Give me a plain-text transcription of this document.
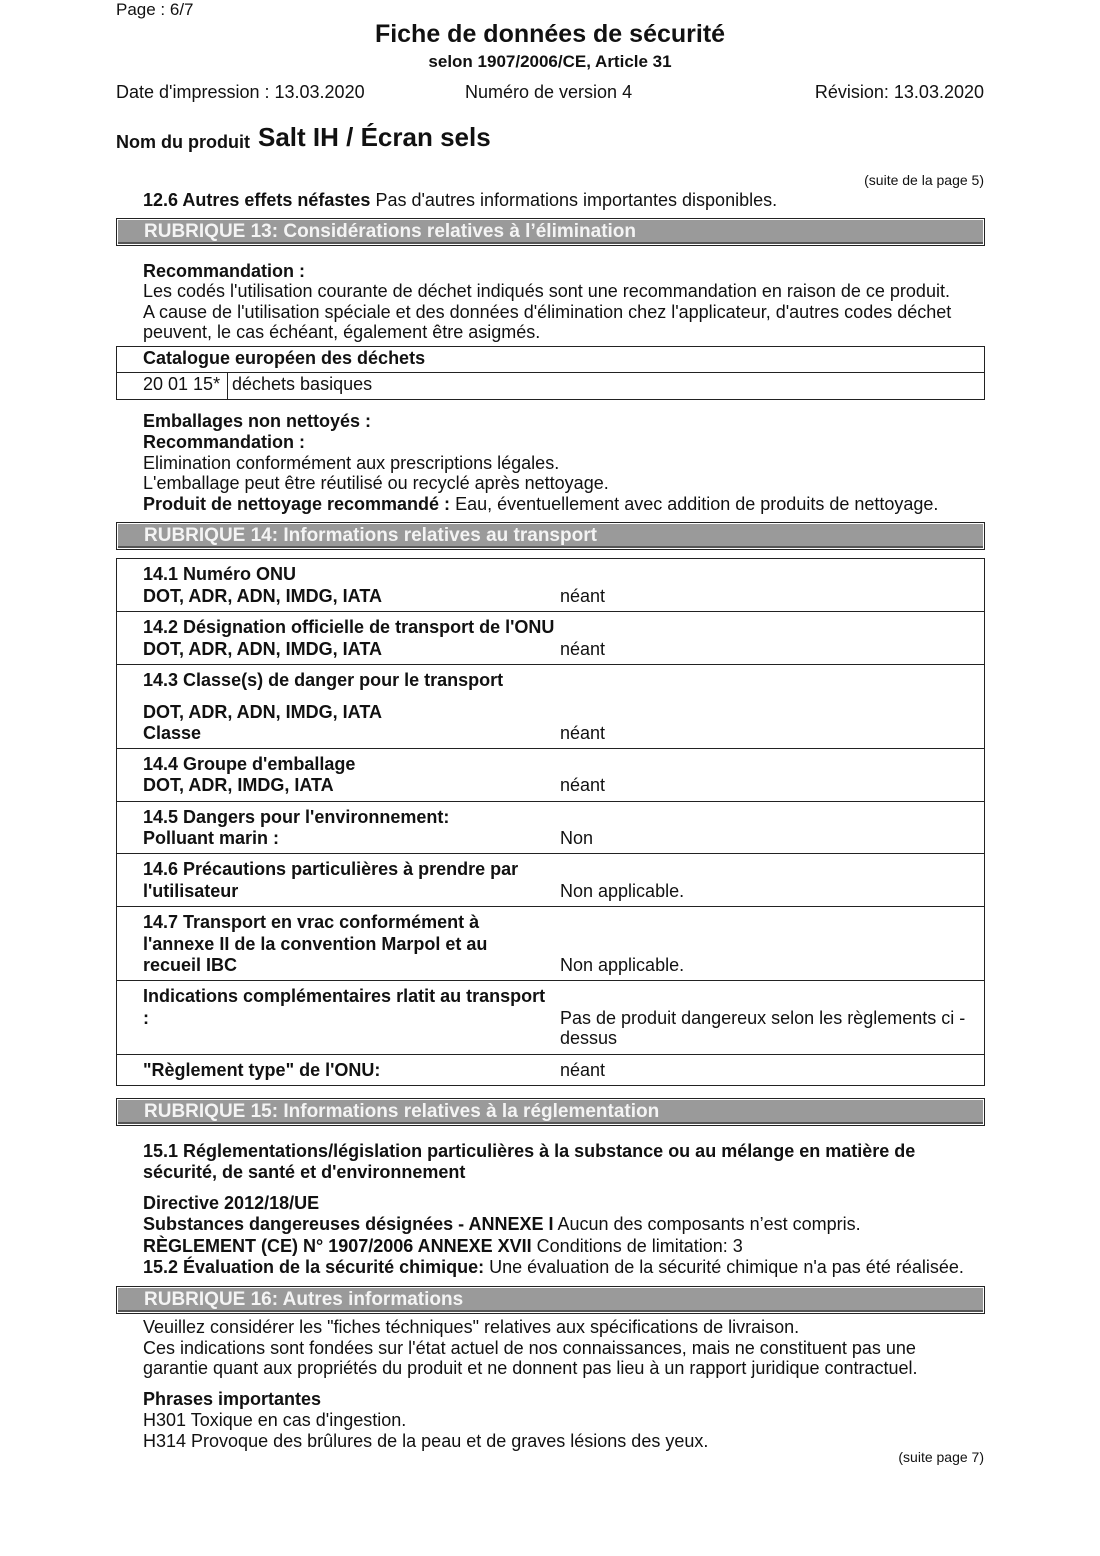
Page : 6/7
Fiche de données de sécurité
selon 1907/2006/CE, Article 31
Date d'impression : 13.03.2020	Numéro de version 4	Révision: 13.03.2020
Nom du produit Salt IH / Écran sels
(suite de la page 5)
12.6 Autres effets néfastes Pas d'autres informations importantes disponibles.
RUBRIQUE 13: Considérations relatives à l’élimination
Recommandation :
Les codés l'utilisation courante de déchet indiqués sont une recommandation en raison de ce produit.
A cause de l'utilisation spéciale et des données d'élimination chez l'applicateur, d'autres codes déchet
peuvent, le cas échéant, également être asigmés.
Catalogue européen des déchets
20 01 15* déchets basiques
Emballages non nettoyés :
Recommandation :
Elimination conformément aux prescriptions légales.
L'emballage peut être réutilisé ou recyclé après nettoyage.
Produit de nettoyage recommandé : Eau, éventuellement avec addition de produits de nettoyage.
RUBRIQUE 14: Informations relatives au transport
14.1 Numéro ONU
DOT, ADR, ADN, IMDG, IATA	néant
14.2 Désignation officielle de transport de l'ONU
DOT, ADR, ADN, IMDG, IATA	néant
14.3 Classe(s) de danger pour le transport
DOT, ADR, ADN, IMDG, IATA
Classe	néant
14.4 Groupe d'emballage
DOT, ADR, IMDG, IATA	néant
14.5 Dangers pour l'environnement:
Polluant marin :	Non
14.6 Précautions particulières à prendre par
l'utilisateur	Non applicable.
14.7 Transport en vrac conformément à
l'annexe II de la convention Marpol et au
recueil IBC	Non applicable.
Indications complémentaires rlatit au transport
:	Pas de produit dangereux selon les règlements ci -
dessus
"Règlement type" de l'ONU:	néant
RUBRIQUE 15: Informations relatives à la réglementation
15.1 Réglementations/législation particulières à la substance ou au mélange en matière de
sécurité, de santé et d'environnement
Directive 2012/18/UE
Substances dangereuses désignées - ANNEXE I Aucun des composants n’est compris.
RÈGLEMENT (CE) N° 1907/2006 ANNEXE XVII Conditions de limitation: 3
15.2 Évaluation de la sécurité chimique: Une évaluation de la sécurité chimique n'a pas été réalisée.
RUBRIQUE 16: Autres informations
Veuillez considérer les "fiches téchniques" relatives aux spécifications de livraison.
Ces indications sont fondées sur l'état actuel de nos connaissances, mais ne constituent pas une
garantie quant aux propriétés du produit et ne donnent pas lieu à un rapport juridique contractuel.
Phrases importantes
H301 Toxique en cas d'ingestion.
H314 Provoque des brûlures de la peau et de graves lésions des yeux.
(suite page 7)
